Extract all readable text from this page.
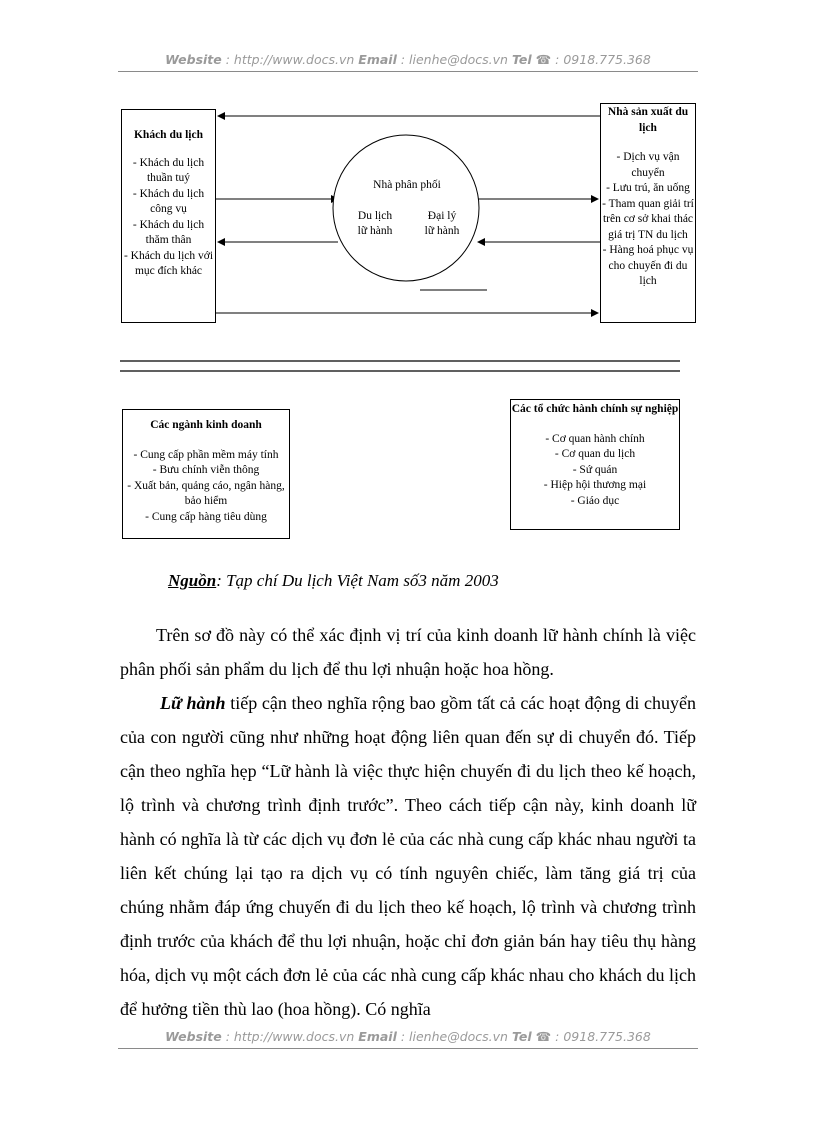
Website : http://www.docs.vn Email : lienhe@docs.vn Tel ☎ : 0918.775.368
Khách du lịch
- Khách du lịch thuần tuý
- Khách du lịch công vụ
- Khách du lịch thăm thân
- Khách du lịch với mục đích khác
Nhà phân phối
Du lịch
lữ hành
Đại lý
lữ hành
Nhà sản xuất du lịch
- Dịch vụ vận chuyển
- Lưu trú, ăn uống
- Tham quan giải trí trên cơ sở khai thác giá trị TN du lịch
- Hàng hoá phục vụ cho chuyến đi du lịch
Các ngành kinh doanh
- Cung cấp phần mềm máy tính
- Bưu chính viễn thông
- Xuất bản, quảng cáo, ngân hàng, bảo hiểm
- Cung cấp hàng tiêu dùng
Các tổ chức hành chính sự nghiệp
- Cơ quan hành chính
- Cơ quan du lịch
- Sứ quán
- Hiệp hội thương mại
- Giáo dục
Nguồn: Tạp chí Du lịch Việt Nam số3 năm 2003
Trên sơ đồ này có thể xác định vị trí của kinh doanh lữ hành chính là việc phân phối sản phẩm du lịch để thu lợi nhuận hoặc hoa hồng.
Lữ hành tiếp cận theo nghĩa rộng bao gồm tất cả các hoạt động di chuyển của con người cũng như những hoạt động liên quan đến sự di chuyển đó. Tiếp cận theo nghĩa hẹp “Lữ hành là việc thực hiện chuyến đi du lịch theo kế hoạch, lộ trình và chương trình định trước”. Theo cách tiếp cận này, kinh doanh lữ hành có nghĩa là từ các dịch vụ đơn lẻ của các nhà cung cấp khác nhau người ta liên kết chúng lại tạo ra dịch vụ có tính nguyên chiếc, làm tăng giá trị của chúng nhằm đáp ứng chuyến đi du lịch theo kế hoạch, lộ trình và chương trình định trước của khách để thu lợi nhuận, hoặc chỉ đơn giản bán hay tiêu thụ hàng hóa, dịch vụ một cách đơn lẻ của các nhà cung cấp khác nhau cho khách du lịch để hưởng tiền thù lao (hoa hồng). Có nghĩa
Website : http://www.docs.vn Email : lienhe@docs.vn Tel ☎ : 0918.775.368
